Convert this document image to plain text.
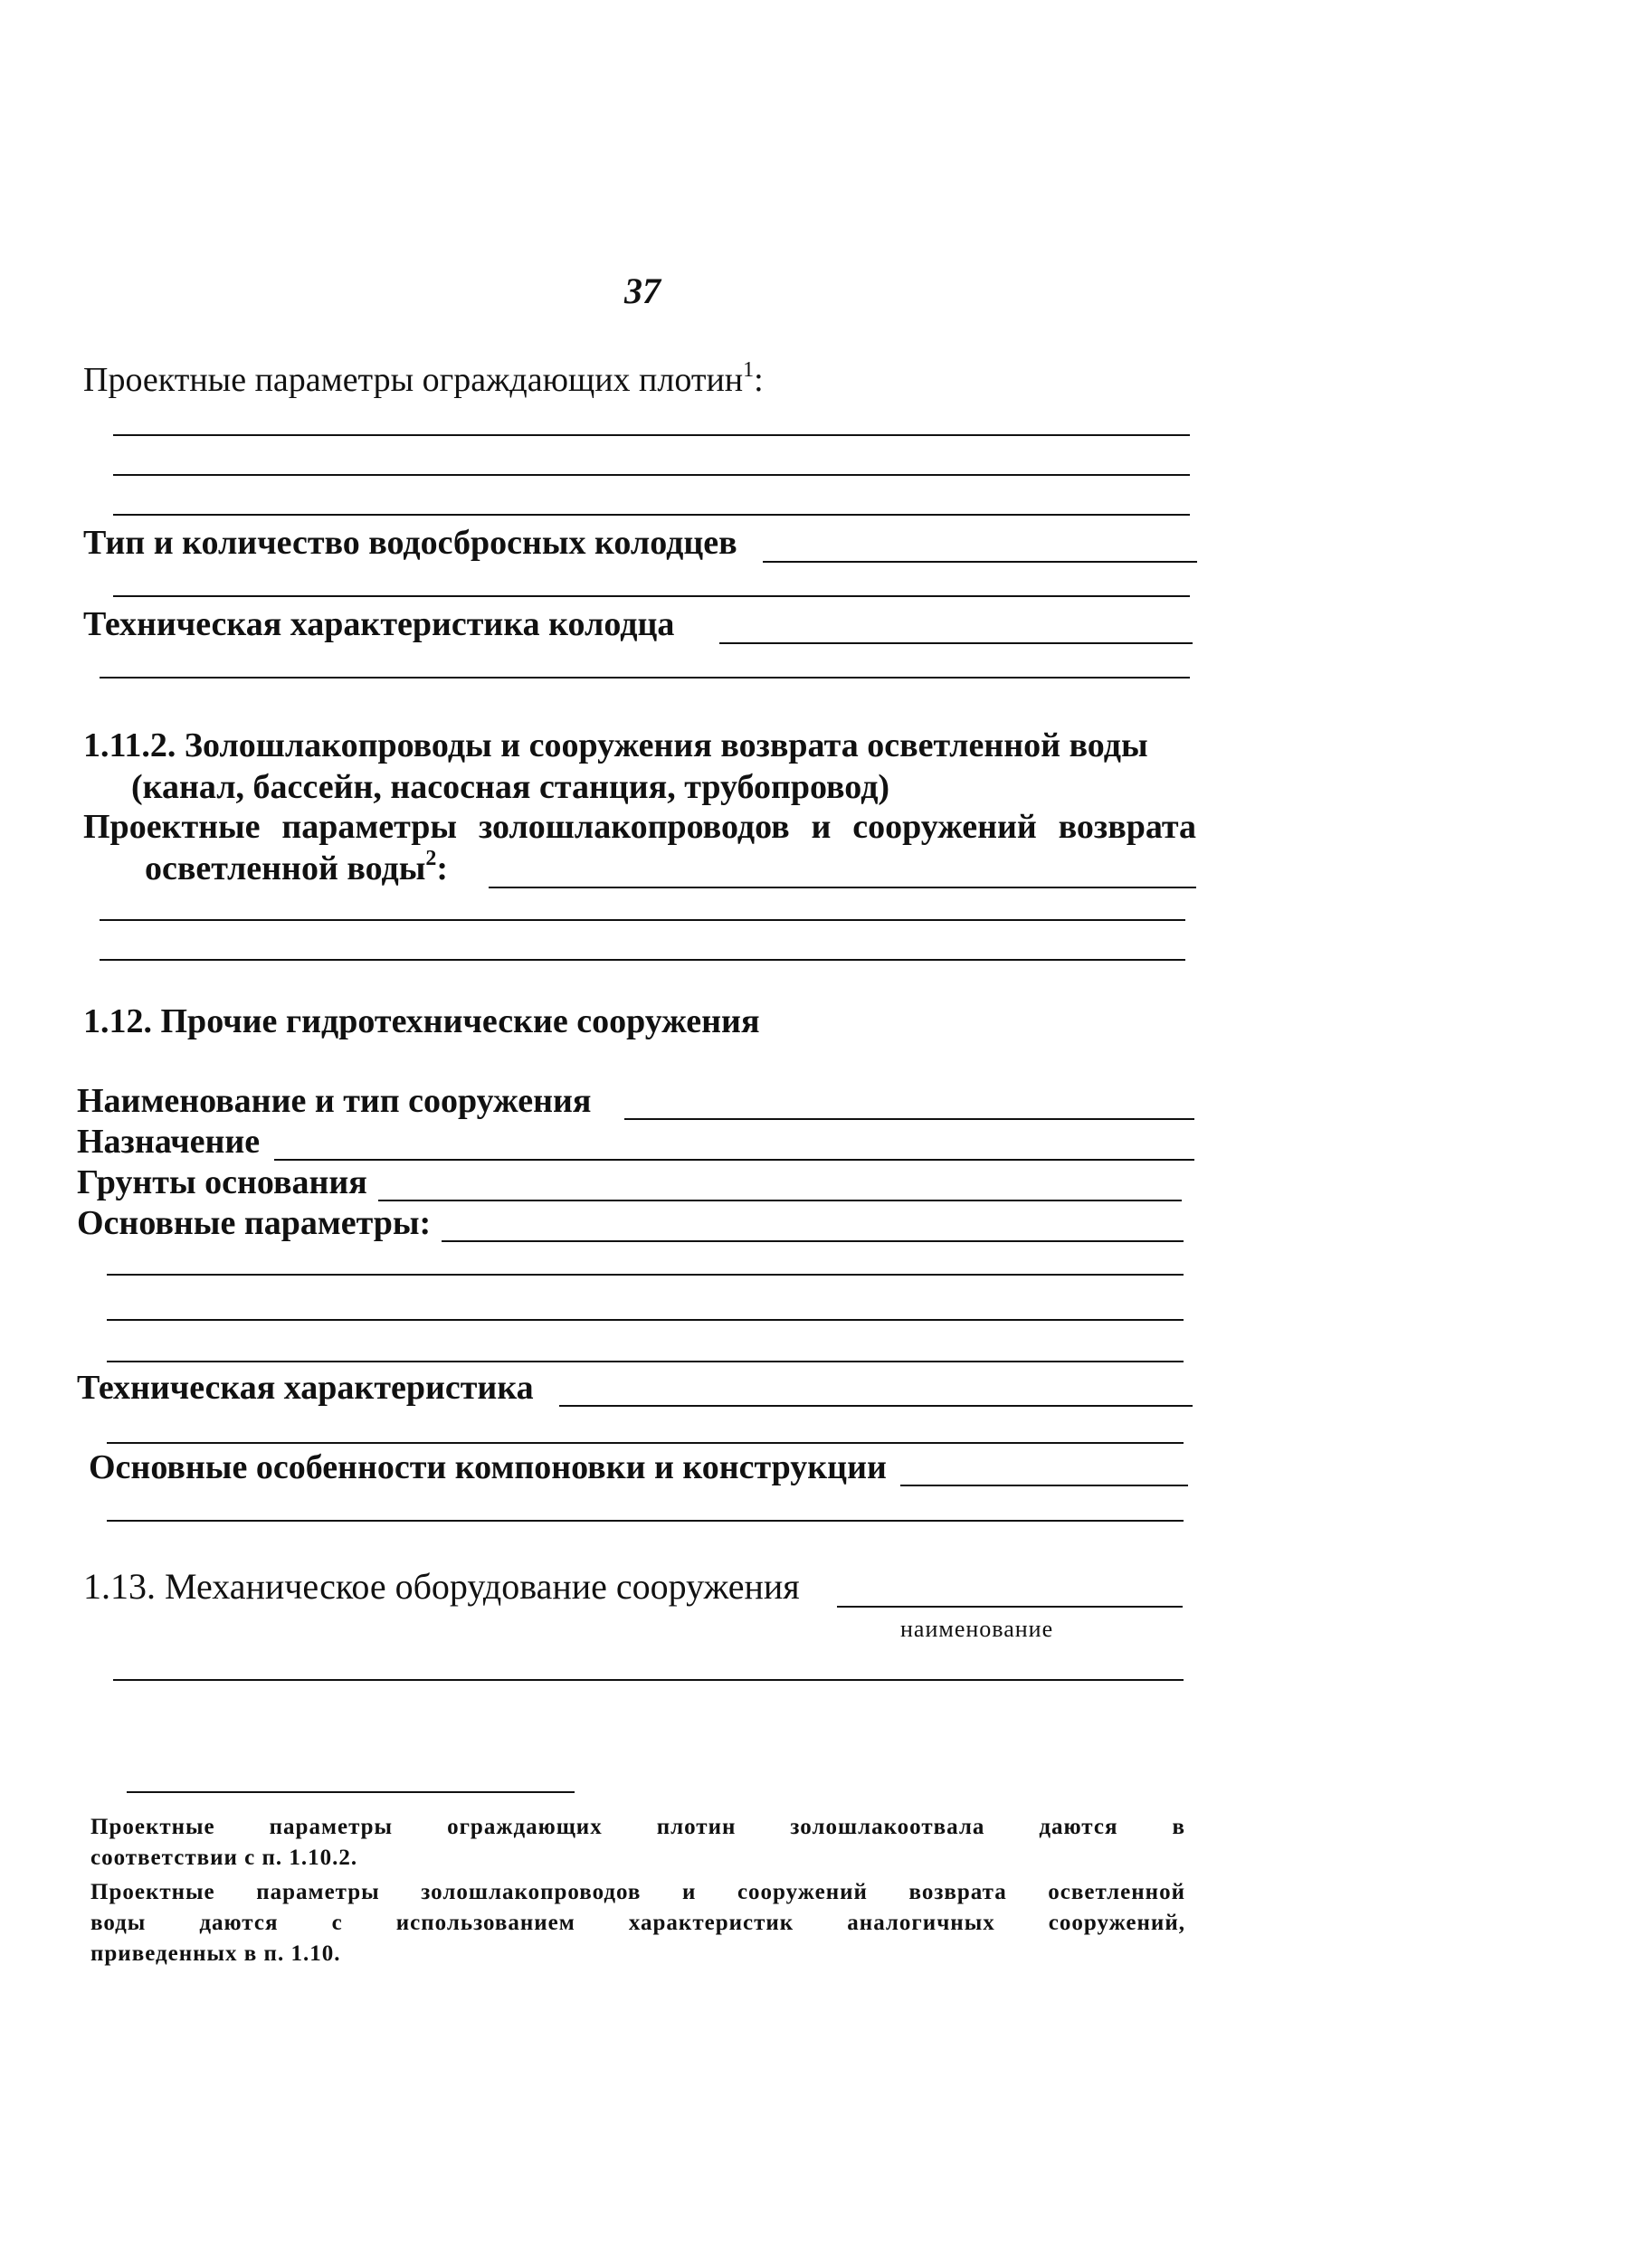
37
Проектные параметры ограждающих плотин$^1$:
Тип и количество водосбросных колодцев
Техническая характеристика колодца
1.11.2. Золошлакопроводы и сооружения возврата осветленной воды
(канал, бассейн, насосная станция, трубопровод)
Проектные параметры золошлакопроводов и сооружений возврата
осветленной воды$^2$:
1.12. Прочие гидротехнические сооружения
Наименование и тип сооружения
Назначение
Грунты основания
Основные параметры:
Техническая характеристика
Основные особенности компоновки и конструкции
1.13. Механическое оборудование сооружения
наименование
Проектные параметры ограждающих плотин золошлакоотвала даются в
соответствии с п. 1.10.2.
Проектные параметры золошлакопроводов и сооружений возврата осветленной
воды даются с использованием характеристик аналогичных сооружений,
приведенных в п. 1.10.
